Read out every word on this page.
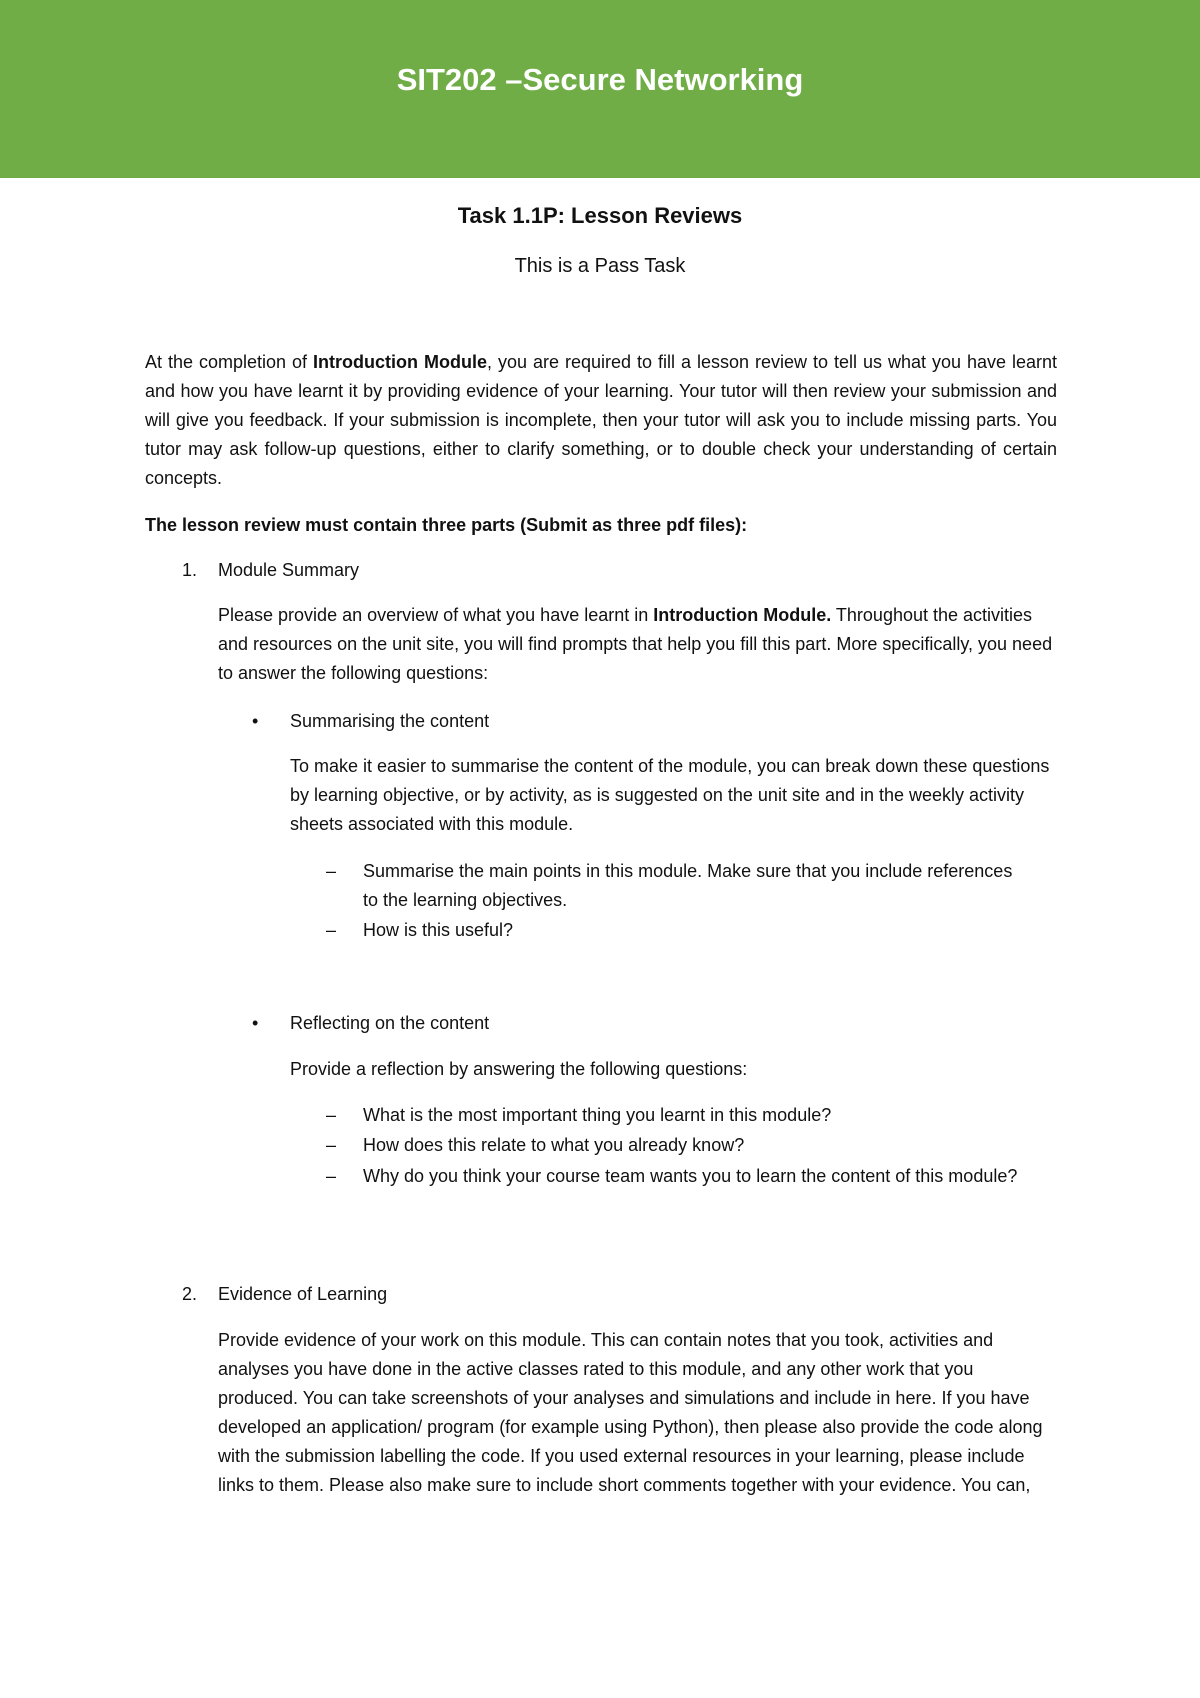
SIT202 –Secure Networking
Task 1.1P: Lesson Reviews
This is a Pass Task

At the completion of Introduction Module, you are required to fill a lesson review to tell us what you have learnt and how you have learnt it by providing evidence of your learning. Your tutor will then review your submission and will give you feedback. If your submission is incomplete, then your tutor will ask you to include missing parts. You tutor may ask follow-up questions, either to clarify something, or to double check your understanding of certain concepts.

The lesson review must contain three parts (Submit as three pdf files):

1. Module Summary

Please provide an overview of what you have learnt in Introduction Module. Throughout the activities and resources on the unit site, you will find prompts that help you fill this part. More specifically, you need to answer the following questions:

• Summarising the content

To make it easier to summarise the content of the module, you can break down these questions by learning objective, or by activity, as is suggested on the unit site and in the weekly activity sheets associated with this module.

– Summarise the main points in this module. Make sure that you include references to the learning objectives.

– How is this useful?

• Reflecting on the content

Provide a reflection by answering the following questions:

– What is the most important thing you learnt in this module?

– How does this relate to what you already know?

– Why do you think your course team wants you to learn the content of this module?

2. Evidence of Learning

Provide evidence of your work on this module. This can contain notes that you took, activities and analyses you have done in the active classes rated to this module, and any other work that you produced. You can take screenshots of your analyses and simulations and include in here. If you have developed an application/ program (for example using Python), then please also provide the code along with the submission labelling the code. If you used external resources in your learning, please include links to them. Please also make sure to include short comments together with your evidence. You can,
